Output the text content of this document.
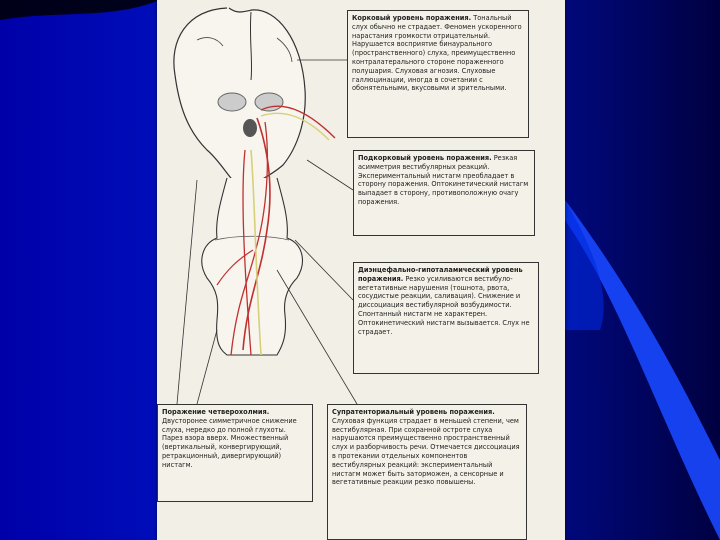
Корковый уровень поражения. Тональный слух обычно не страдает. Феномен ускоренного нарастания громкости отрицательный. Нарушается восприятие бинаурального (пространственного) слуха, преимущественно контралатерального стороне пораженного полушария. Слуховая агнозия. Слуховые галлюцинации, иногда в сочетании с обонятельными, вкусовыми и зрительными.
Подкорковый уровень поражения. Резкая асимметрия вестибулярных реакций. Экспериментальный нистагм преобладает в сторону поражения. Оптокинетический нистагм выпадает в сторону, противоположную очагу поражения.
Диэнцефально-гипоталамический уровень поражения. Резко усиливаются вестибуло-вегетативные нарушения (тошнота, рвота, сосудистые реакции, саливация). Снижение и диссоциация вестибулярной возбудимости. Спонтанный нистагм не характерен. Оптокинетический нистагм вызывается. Слух не страдает.
Поражение четверохолмия. Двусторонее симметричное снижение слуха, нередко до полной глухоты. Парез взора вверх. Множественный (вертикальный, конвергирующий, ретракционный, дивергирующий) нистагм.
Супратенториальный уровень поражения. Слуховая функция страдает в меньшей степени, чем вестибулярная. При сохранной остроте слуха нарушаются преимущественно пространственный слух и разборчивость речи. Отмечается диссоциация в протекании отдельных компонентов вестибулярных реакций: экспериментальный нистагм может быть заторможен, а сенсорные и вегетативные реакции резко повышены.
